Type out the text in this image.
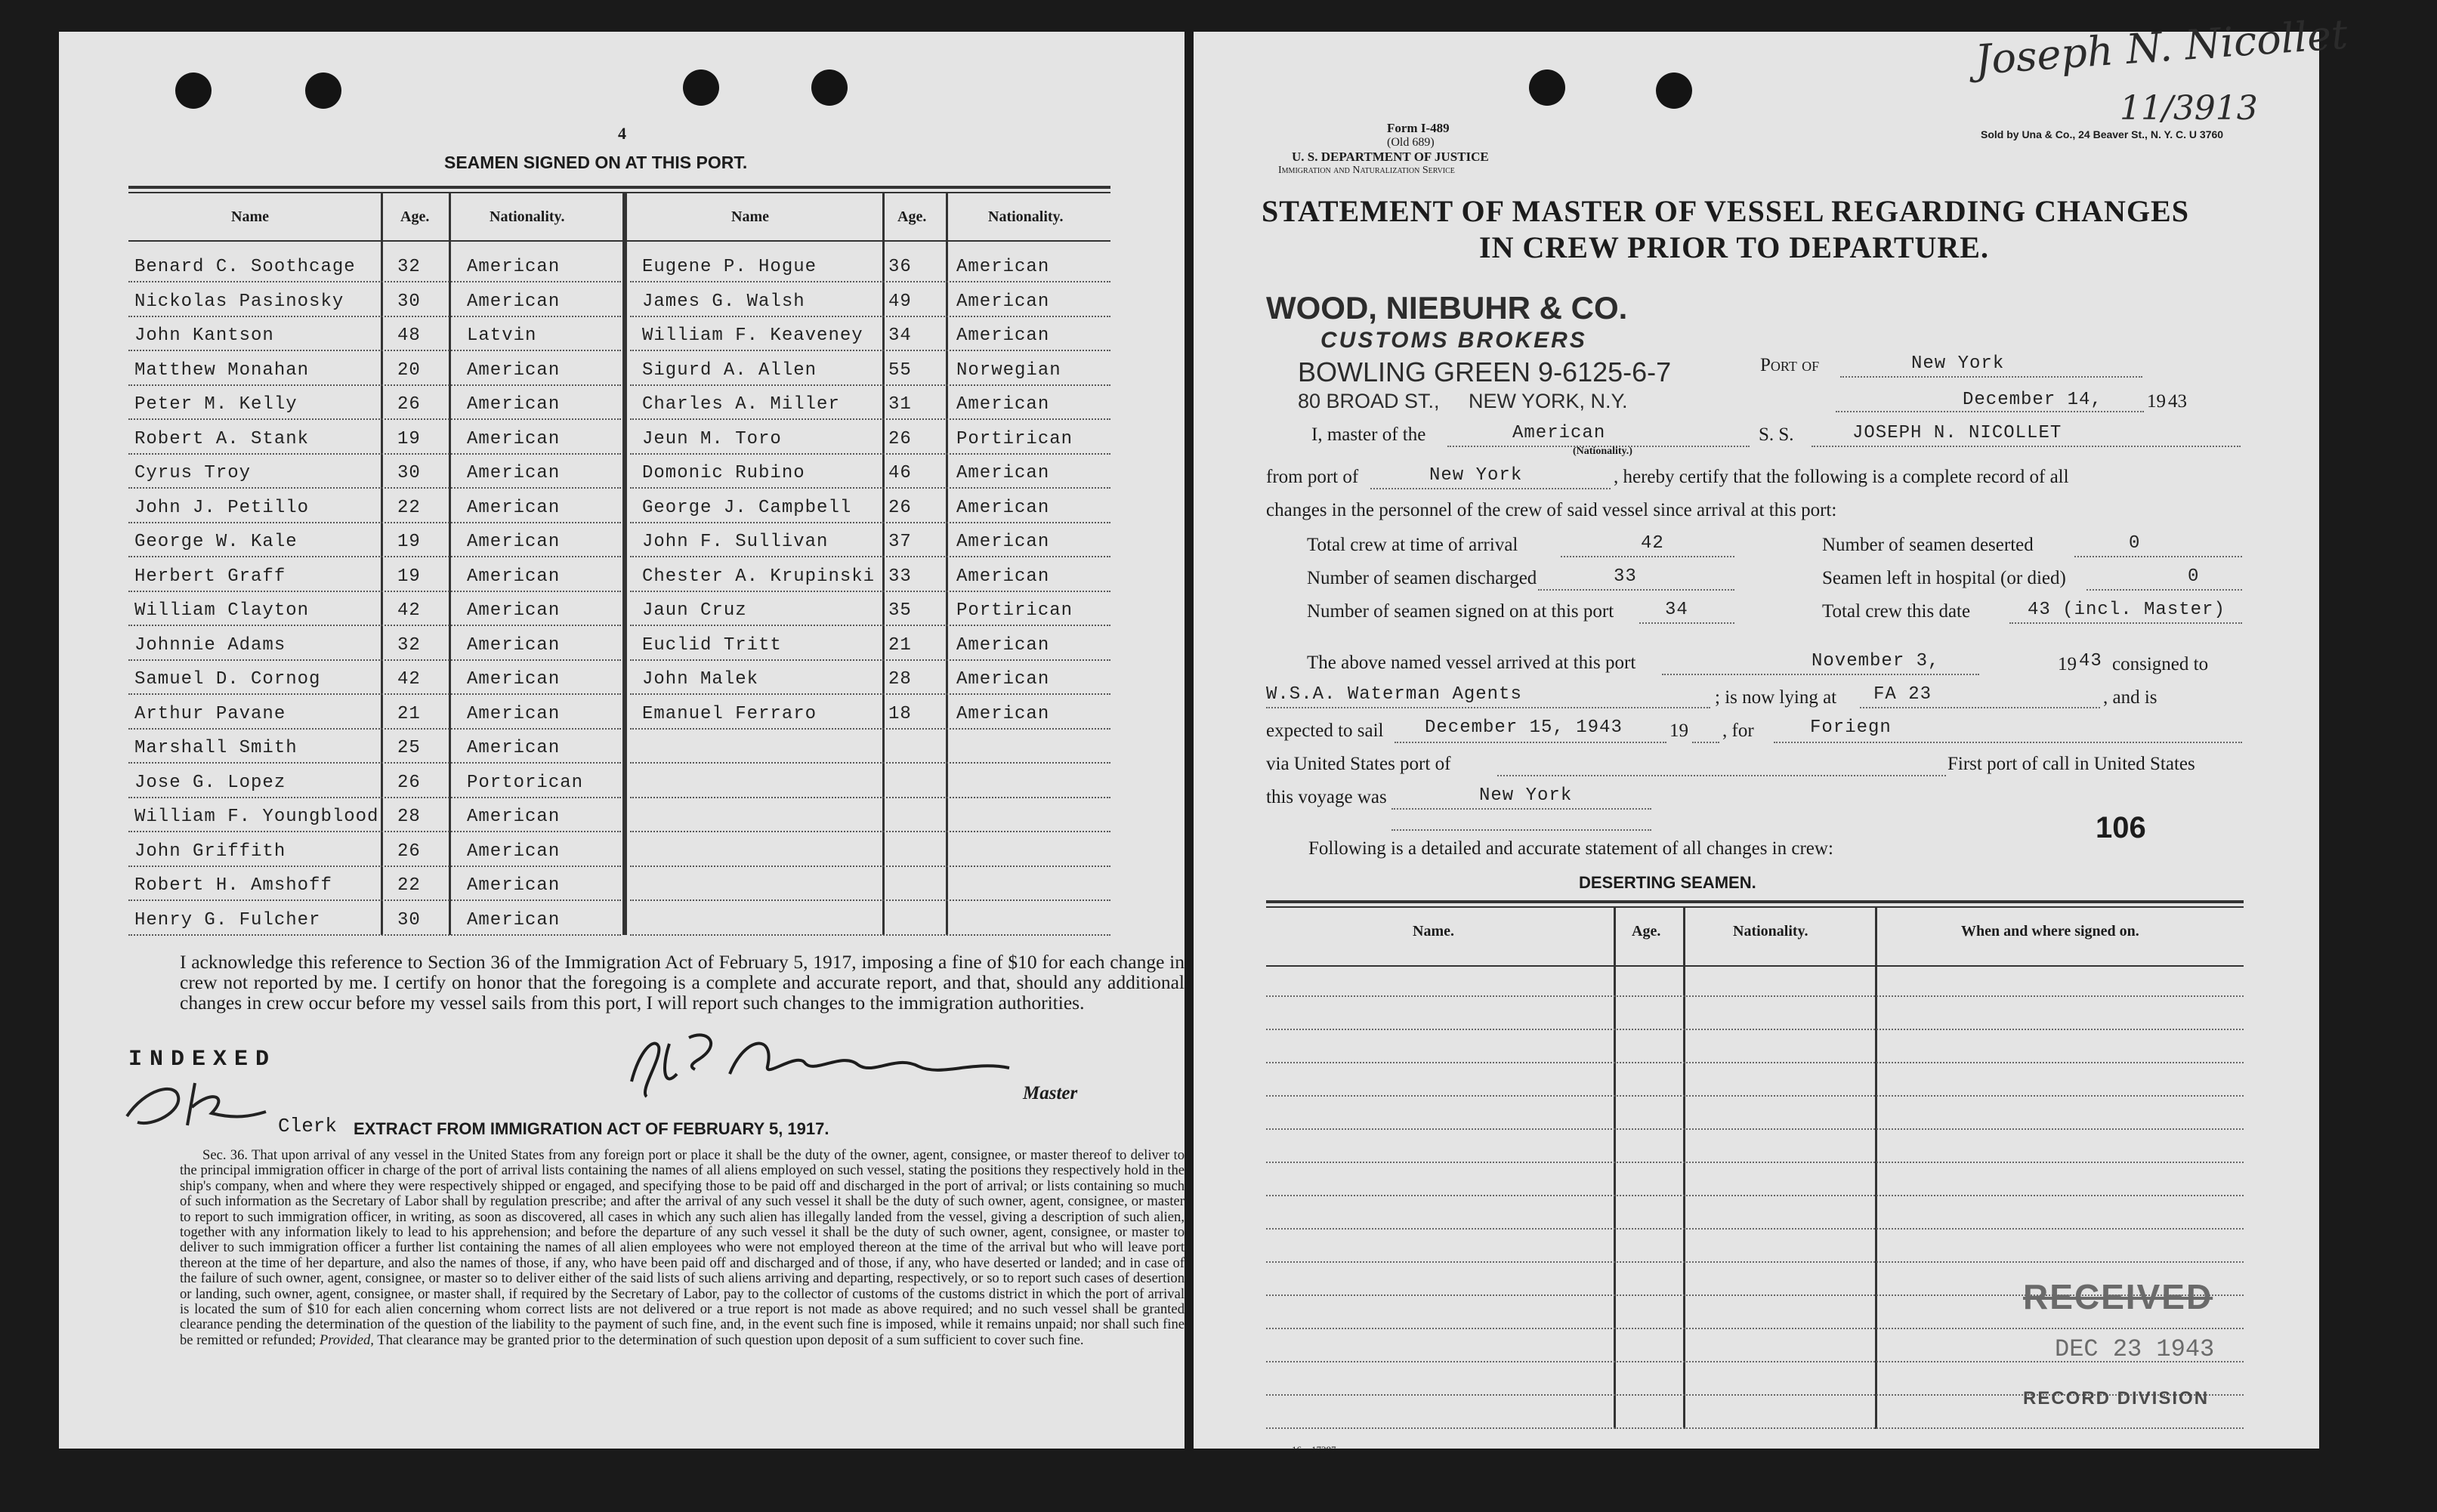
4
SEAMEN SIGNED ON AT THIS PORT.
Name	Age.	Nationality.	Name	Age.	Nationality.
Benard C. Soothcage 32	American
Nickolas Pasinosky	30	American
John Kantson	48	Latvin
Matthew Monahan	20	American
Peter M. Kelly	26	American
Robert A. Stank	19	American
Cyrus Troy	30	American
John J. Petillo	22	American
George W. Kale	19	American
Herbert Graff	19	American
William Clayton	42	American
Johnnie Adams	32	American
Samuel D. Cornog	42	American
Arthur Pavane	21	American
Marshall Smith	25	American
Jose G. Lopez	26	Portorican
William F. Youngblood 28	American
John Griffith	26	American
Robert H. Amshoff	22	American
Henry G. Fulcher	30	American
Eugene P. Hogue	36 American
James G. Walsh	49 American
William F. Keaveney 34 American
Sigurd A. Allen	55 Norwegian
Charles A. Miller	31 American
Jeun M. Toro	26 Portirican
Domonic Rubino	46 American
George J. Campbell 26 American
John F. Sullivan	37 American
Chester A. Krupinski 33 American
Jaun Cruz	35 Portirican
Euclid Tritt	21 American
John Malek	28 American
Emanuel Ferraro	18 American
I acknowledge this reference to Section 36 of the Immigration Act of February 5, 1917, imposing a fine of $10 for each change in crew not reported by me. I certify on honor that the foregoing is a complete and accurate report, and that, should any additional changes in crew occur before my vessel sails from this port, I will report such changes to the immigration authorities.
INDEXED
Clerk
Master
EXTRACT FROM IMMIGRATION ACT OF FEBRUARY 5, 1917.
Sec. 36. That upon arrival of any vessel in the United States from any foreign port or place it shall be the duty of the owner, agent, consignee, or master thereof to deliver to the principal immigration officer in charge of the port of arrival lists containing the names of all aliens employed on such vessel, stating the positions they respectively hold in the ship's company, when and where they were respectively shipped or engaged, and specifying those to be paid off and discharged in the port of arrival; or lists containing so much of such information as the Secretary of Labor shall by regulation prescribe; and after the arrival of any such vessel it shall be the duty of such owner, agent, consignee, or master to report to such immigration officer, in writing, as soon as discovered, all cases in which any such alien has illegally landed from the vessel, giving a description of such alien, together with any information likely to lead to his apprehension; and before the departure of any such vessel it shall be the duty of such owner, agent, consignee, or master to deliver to such immigration officer a further list containing the names of all alien employees who were not employed thereon at the time of the arrival but who will leave port thereon at the time of her departure, and also the names of those, if any, who have been paid off and discharged and of those, if any, who have deserted or landed; and in case of the failure of such owner, agent, consignee, or master so to deliver either of the said lists of such aliens arriving and departing, respectively, or so to report such cases of desertion or landing, such owner, agent, consignee, or master shall, if required by the Secretary of Labor, pay to the collector of customs of the customs district in which the port of arrival is located the sum of $10 for each alien concerning whom correct lists are not delivered or a true report is not made as above required; and no such vessel shall be granted clearance pending the determination of the question of the liability to the payment of such fine, and, in the event such fine is imposed, while it remains unpaid; nor shall such fine be remitted or refunded; Provided, That clearance may be granted prior to the determination of such question upon deposit of a sum sufficient to cover such fine.
Form I-489
(Old 689)
U. S. DEPARTMENT OF JUSTICE
Immigration and Naturalization Service
Sold by Una & Co., 24 Beaver St., N. Y. C. U 3760
Joseph N. Nicollet
11/3913
STATEMENT OF MASTER OF VESSEL REGARDING CHANGES
IN CREW PRIOR TO DEPARTURE.
WOOD, NIEBUHR & CO.
CUSTOMS BROKERS
BOWLING GREEN 9-6125-6-7
80 BROAD ST., NEW YORK, N.Y.
Port of	New York
December 14, 19 43
I, master of the	American
(Nationality.)
S. S.	JOSEPH N. NICOLLET
from port of	New York	, hereby certify that the following is a complete record of all
changes in the personnel of the crew of said vessel since arrival at this port:
Total crew at time of arrival	42	Number of seamen deserted	0
Number of seamen discharged	33	Seamen left in hospital (or died)	0
Number of seamen signed on at this port	34	Total crew this date	43 (incl. Master)
The above named vessel arrived at this port	November 3,	19 43 consigned to
W.S.A. Waterman Agents	; is now lying at FA 23	, and is
expected to sail December 15, 1943 19 , for	Foriegn
via United States port of	First port of call in United States
this voyage was	New York
106
Following is a detailed and accurate statement of all changes in crew:
DESERTING SEAMEN.
Name.	Age.	Nationality.	When and where signed on.
RECEIVED
DEC 23 1943
RECORD DIVISION
16—17387
